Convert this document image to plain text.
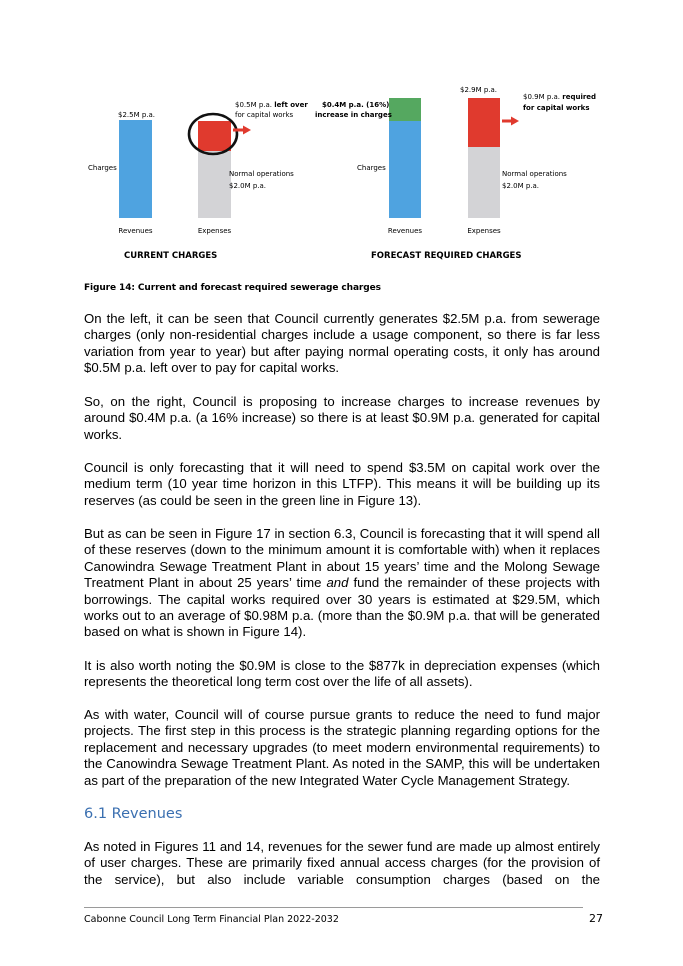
$2.5M p.a.
Charges
$0.5M p.a. left over
for capital works
Normal operations
$2.0M p.a.
Revenues	Expenses
CURRENT CHARGES
$0.4M p.a. (16%)
increase in charges
Charges
$2.9M p.a.
$0.9M p.a. required
for capital works
Normal operations
$2.0M p.a.
Revenues	Expenses
FORECAST REQUIRED CHARGES
Figure 14: Current and forecast required sewerage charges

On the left, it can be seen that Council currently generates $2.5M p.a. from sewerage charges (only non-residential charges include a usage component, so there is far less variation from year to year) but after paying normal operating costs, it only has around $0.5M p.a. left over to pay for capital works.

So, on the right, Council is proposing to increase charges to increase revenues by around $0.4M p.a. (a 16% increase) so there is at least $0.9M p.a. generated for capital works.

Council is only forecasting that it will need to spend $3.5M on capital work over the medium term (10 year time horizon in this LTFP). This means it will be building up its reserves (as could be seen in the green line in Figure 13).

But as can be seen in Figure 17 in section 6.3, Council is forecasting that it will spend all of these reserves (down to the minimum amount it is comfortable with) when it replaces Canowindra Sewage Treatment Plant in about 15 years’ time and the Molong Sewage Treatment Plant in about 25 years’ time and fund the remainder of these projects with borrowings. The capital works required over 30 years is estimated at $29.5M, which works out to an average of $0.98M p.a. (more than the $0.9M p.a. that will be generated based on what is shown in Figure 14).

It is also worth noting the $0.9M is close to the $877k in depreciation expenses (which represents the theoretical long term cost over the life of all assets).

As with water, Council will of course pursue grants to reduce the need to fund major projects. The first step in this process is the strategic planning regarding options for the replacement and necessary upgrades (to meet modern environmental requirements) to the Canowindra Sewage Treatment Plant. As noted in the SAMP, this will be undertaken as part of the preparation of the new Integrated Water Cycle Management Strategy.

6.1 Revenues

As noted in Figures 11 and 14, revenues for the sewer fund are made up almost entirely of user charges. These are primarily fixed annual access charges (for the provision of the service), but also include variable consumption charges (based on the

Cabonne Council Long Term Financial Plan 2022-2032	27
